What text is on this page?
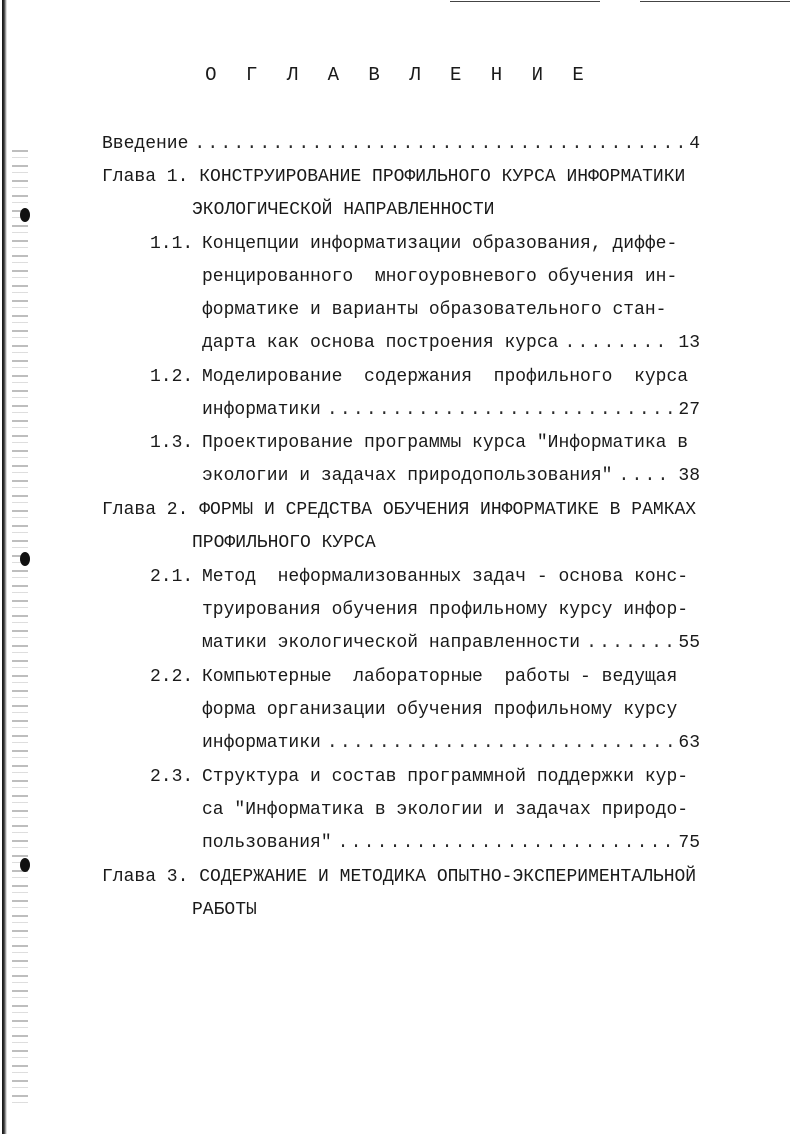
О Г Л А В Л Е Н И Е
Введение .....	4
Глава 1. КОНСТРУИРОВАНИЕ ПРОФИЛЬНОГО КУРСА ИНФОРМАТИКИ
ЭКОЛОГИЧЕСКОЙ НАПРАВЛЕННОСТИ
1.1. Концепции информатизации образования, диффе-
ренцированного  многоуровневого обучения ин-
форматике и варианты образовательного стан-
дарта как основа построения курса .....	13
1.2. Моделирование  содержания  профильного  курса
информатики .....	27
1.3. Проектирование программы курса "Информатика в
экологии и задачах природопользования" .....	38
Глава 2. ФОРМЫ И СРЕДСТВА ОБУЧЕНИЯ ИНФОРМАТИКЕ В РАМКАХ
ПРОФИЛЬНОГО КУРСА
2.1. Метод  неформализованных задач - основа конс-
труирования обучения профильному курсу инфор-
матики экологической направленности .....	55
2.2. Компьютерные  лабораторные  работы - ведущая
форма организации обучения профильному курсу
информатики .....	63
2.3. Структура и состав программной поддержки кур-
са "Информатика в экологии и задачах природо-
пользования" .....	75
Глава 3. СОДЕРЖАНИЕ И МЕТОДИКА ОПЫТНО-ЭКСПЕРИМЕНТАЛЬНОЙ
РАБОТЫ
